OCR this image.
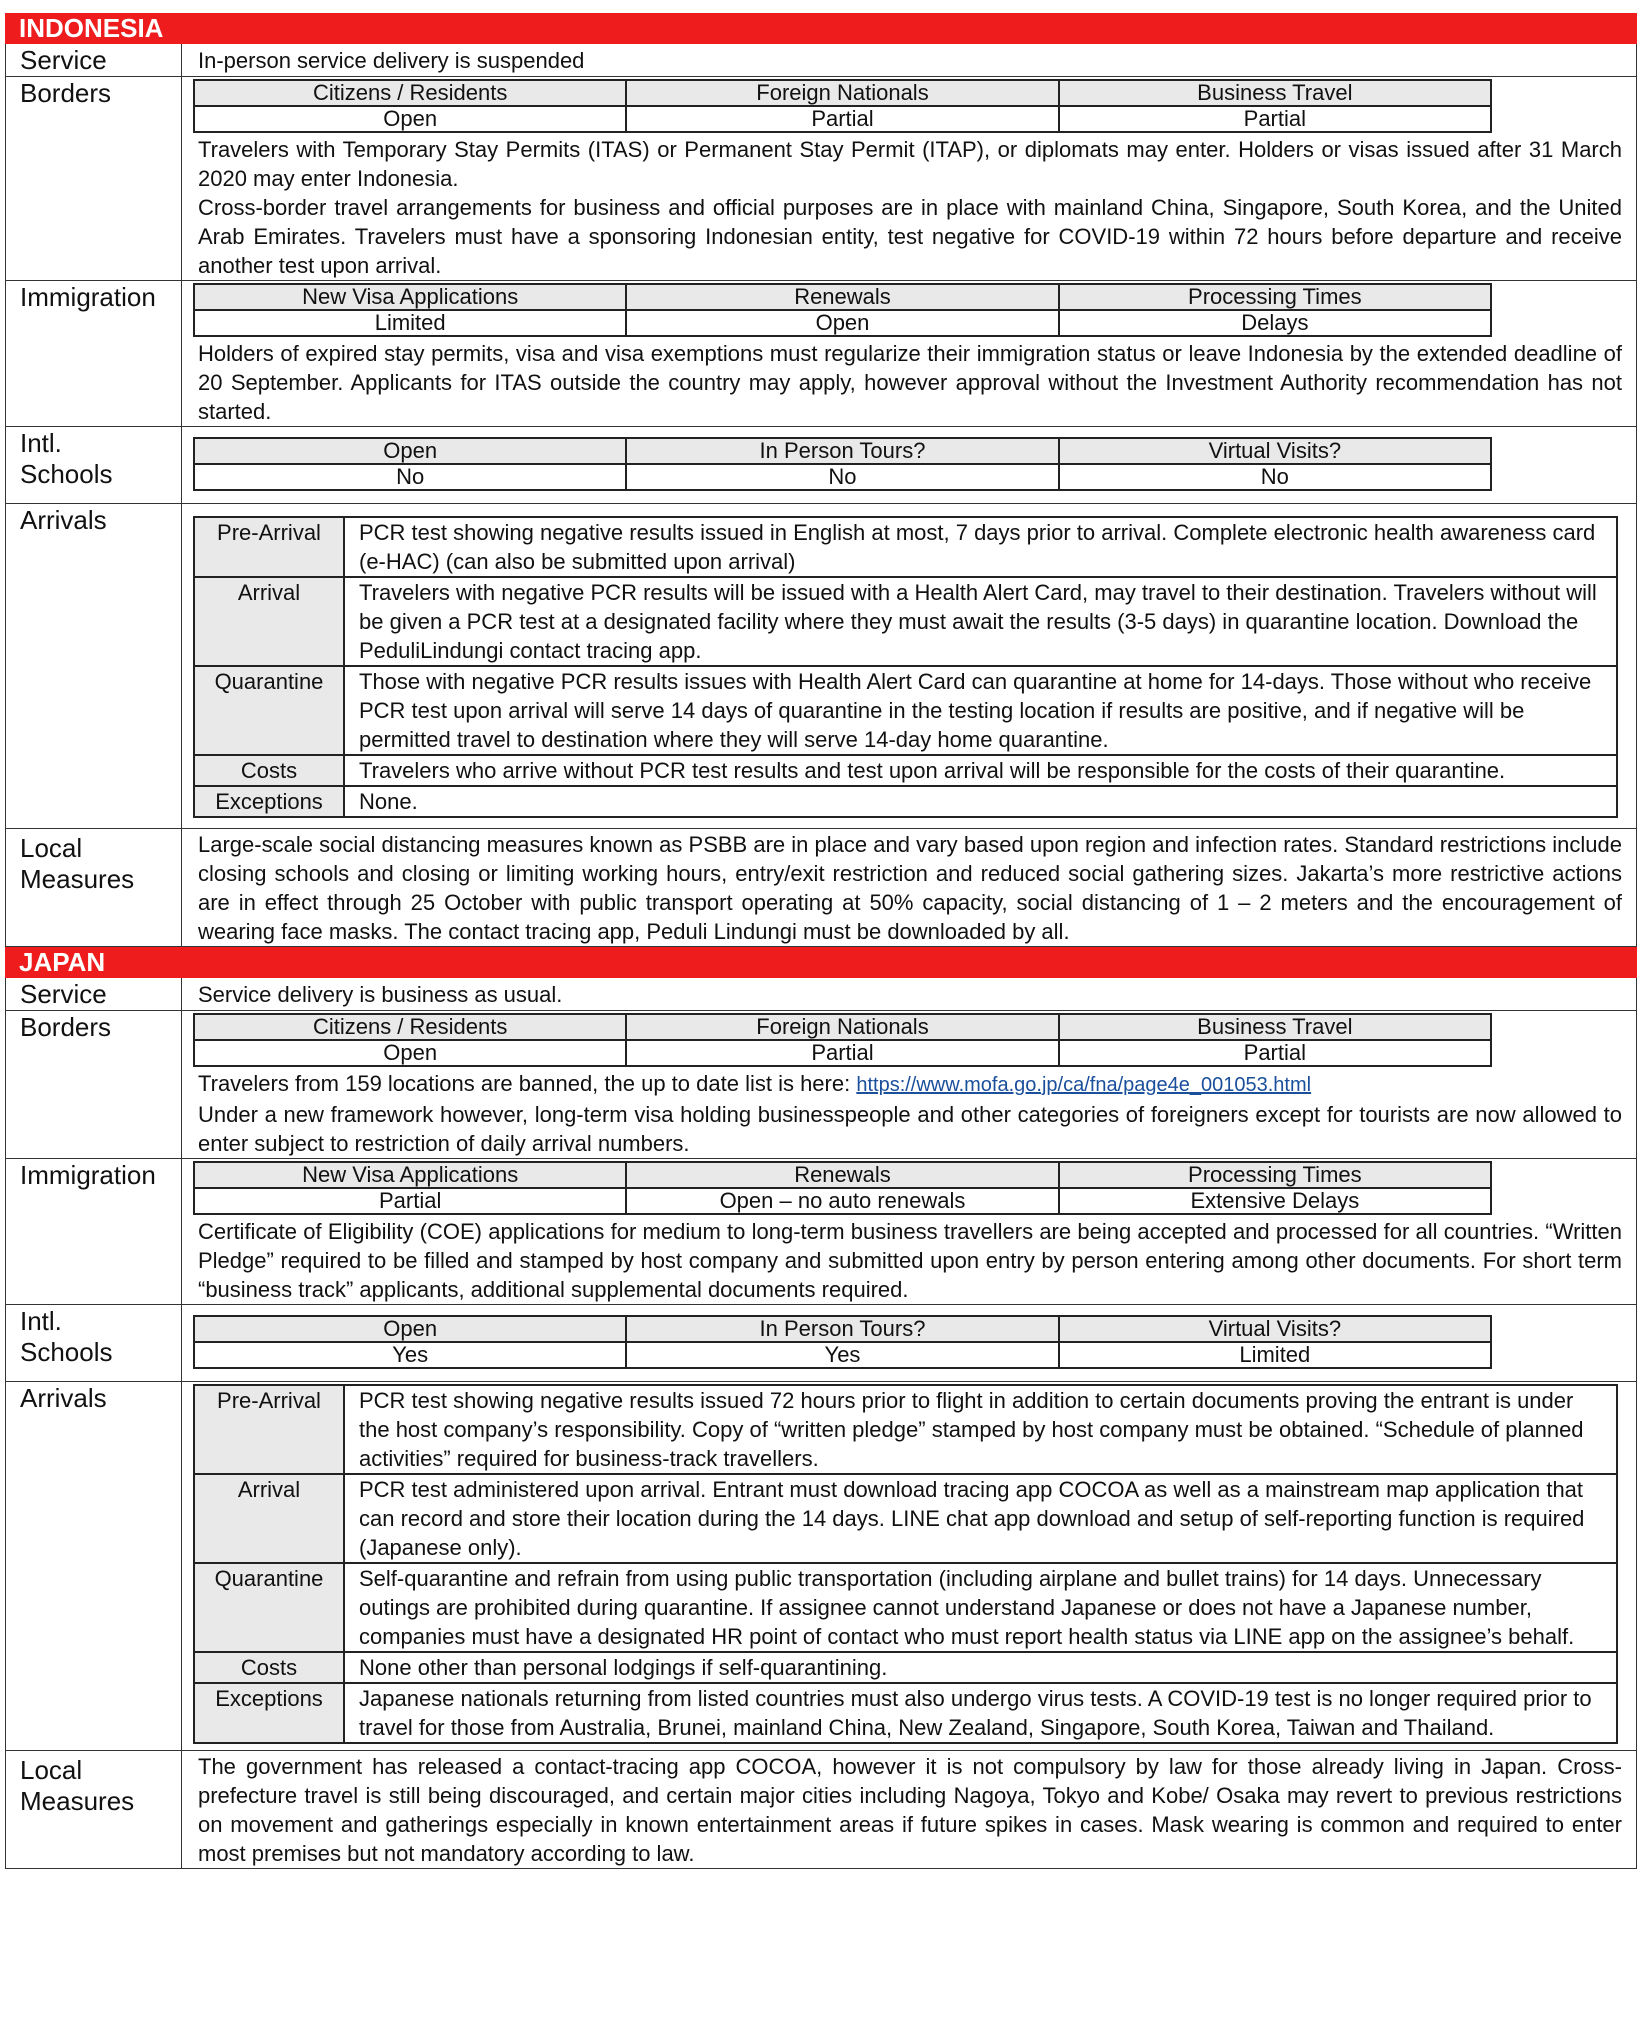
INDONESIA
Service	In-person service delivery is suspended
Borders	Citizens / Residents	Foreign Nationals	Business Travel
Open	Partial	Partial

Travelers with Temporary Stay Permits (ITAS) or Permanent Stay Permit (ITAP), or diplomats may enter. Holders or visas issued after 31 March 2020 may enter Indonesia.

Cross-border travel arrangements for business and official purposes are in place with mainland China, Singapore, South Korea, and the United Arab Emirates. Travelers must have a sponsoring Indonesian entity, test negative for COVID-19 within 72 hours before departure and receive another test upon arrival.

Immigration	New Visa Applications	Renewals	Processing Times
Limited	Open	Delays

Holders of expired stay permits, visa and visa exemptions must regularize their immigration status or leave Indonesia by the extended deadline of 20 September. Applicants for ITAS outside the country may apply, however approval without the Investment Authority recommendation has not started.

Intl.
Schools
Open	In Person Tours?	Virtual Visits?
No	No	No
Arrivals	Pre-Arrival	PCR test showing negative results issued in English at most, 7 days prior to arrival. Complete electronic health awareness card (e-HAC) (can also be submitted upon arrival)
Arrival	Travelers with negative PCR results will be issued with a Health Alert Card, may travel to their destination. Travelers without will be given a PCR test at a designated facility where they must await the results (3-5 days) in quarantine location. Download the PeduliLindungi contact tracing app.
Quarantine	Those with negative PCR results issues with Health Alert Card can quarantine at home for 14-days. Those without who receive PCR test upon arrival will serve 14 days of quarantine in the testing location if results are positive, and if negative will be permitted travel to destination where they will serve 14-day home quarantine.
Costs	Travelers who arrive without PCR test results and test upon arrival will be responsible for the costs of their quarantine.
Exceptions	None.
Local
Measures

Large-scale social distancing measures known as PSBB are in place and vary based upon region and infection rates. Standard restrictions include closing schools and closing or limiting working hours, entry/exit restriction and reduced social gathering sizes. Jakarta’s more restrictive actions are in effect through 25 October with public transport operating at 50% capacity, social distancing of 1 – 2 meters and the encouragement of wearing face masks. The contact tracing app, Peduli Lindungi must be downloaded by all.

JAPAN
Service	Service delivery is business as usual.
Borders	Citizens / Residents	Foreign Nationals	Business Travel
Open	Partial	Partial

Travelers from 159 locations are banned, the up to date list is here: https://www.mofa.go.jp/ca/fna/page4e_001053.html

Under a new framework however, long-term visa holding businesspeople and other categories of foreigners except for tourists are now allowed to enter subject to restriction of daily arrival numbers.

Immigration	New Visa Applications	Renewals	Processing Times
Partial	Open – no auto renewals	Extensive Delays

Certificate of Eligibility (COE) applications for medium to long-term business travellers are being accepted and processed for all countries. “Written Pledge” required to be filled and stamped by host company and submitted upon entry by person entering among other documents. For short term “business track” applicants, additional supplemental documents required.

Intl.
Schools
Open	In Person Tours?	Virtual Visits?
Yes	Yes	Limited
Arrivals	Pre-Arrival	PCR test showing negative results issued 72 hours prior to flight in addition to certain documents proving the entrant is under the host company’s responsibility. Copy of “written pledge” stamped by host company must be obtained. “Schedule of planned activities” required for business-track travellers.
Arrival	PCR test administered upon arrival. Entrant must download tracing app COCOA as well as a mainstream map application that can record and store their location during the 14 days. LINE chat app download and setup of self-reporting function is required (Japanese only).
Quarantine	Self-quarantine and refrain from using public transportation (including airplane and bullet trains) for 14 days. Unnecessary outings are prohibited during quarantine. If assignee cannot understand Japanese or does not have a Japanese number, companies must have a designated HR point of contact who must report health status via LINE app on the assignee’s behalf.
Costs	None other than personal lodgings if self-quarantining.
Exceptions	Japanese nationals returning from listed countries must also undergo virus tests. A COVID-19 test is no longer required prior to travel for those from Australia, Brunei, mainland China, New Zealand, Singapore, South Korea, Taiwan and Thailand.
Local
Measures

The government has released a contact-tracing app COCOA, however it is not compulsory by law for those already living in Japan. Cross-prefecture travel is still being discouraged, and certain major cities including Nagoya, Tokyo and Kobe/ Osaka may revert to previous restrictions on movement and gatherings especially in known entertainment areas if future spikes in cases. Mask wearing is common and required to enter most premises but not mandatory according to law.
